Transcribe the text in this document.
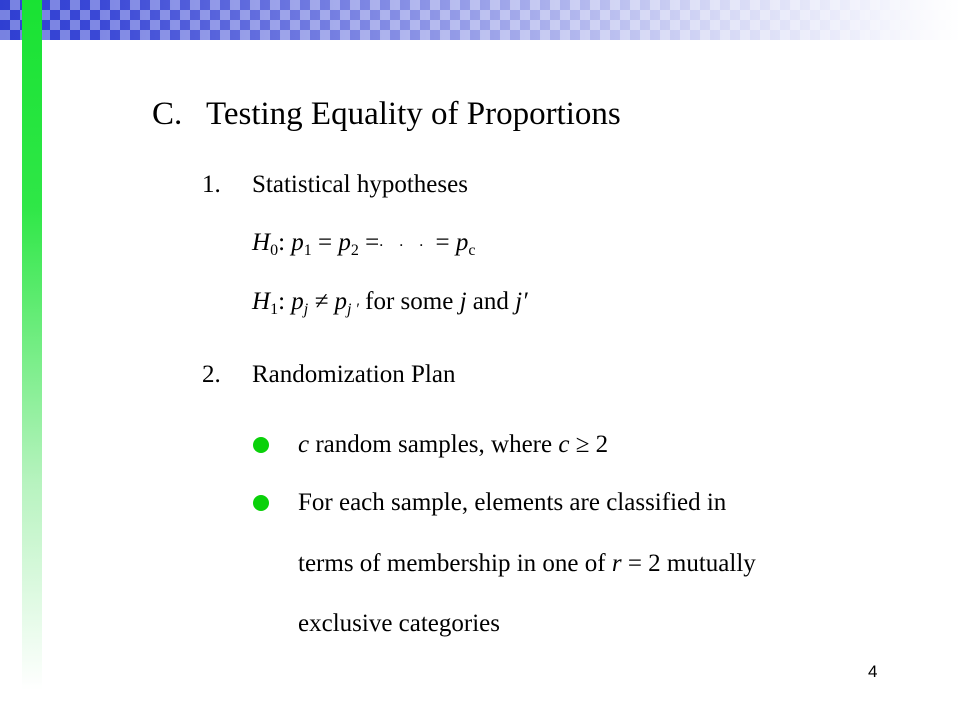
C. Testing Equality of Proportions
1. Statistical hypotheses
$H_0$: $p_1 = p_2$ =. . . = $p_c$
$H_1$: $p_j \ne p_{j '}$ for some j and j′
2. Randomization Plan
c random samples, where c ≥ 2
For each sample, elements are classified in
terms of membership in one of r = 2 mutually
exclusive categories
4
